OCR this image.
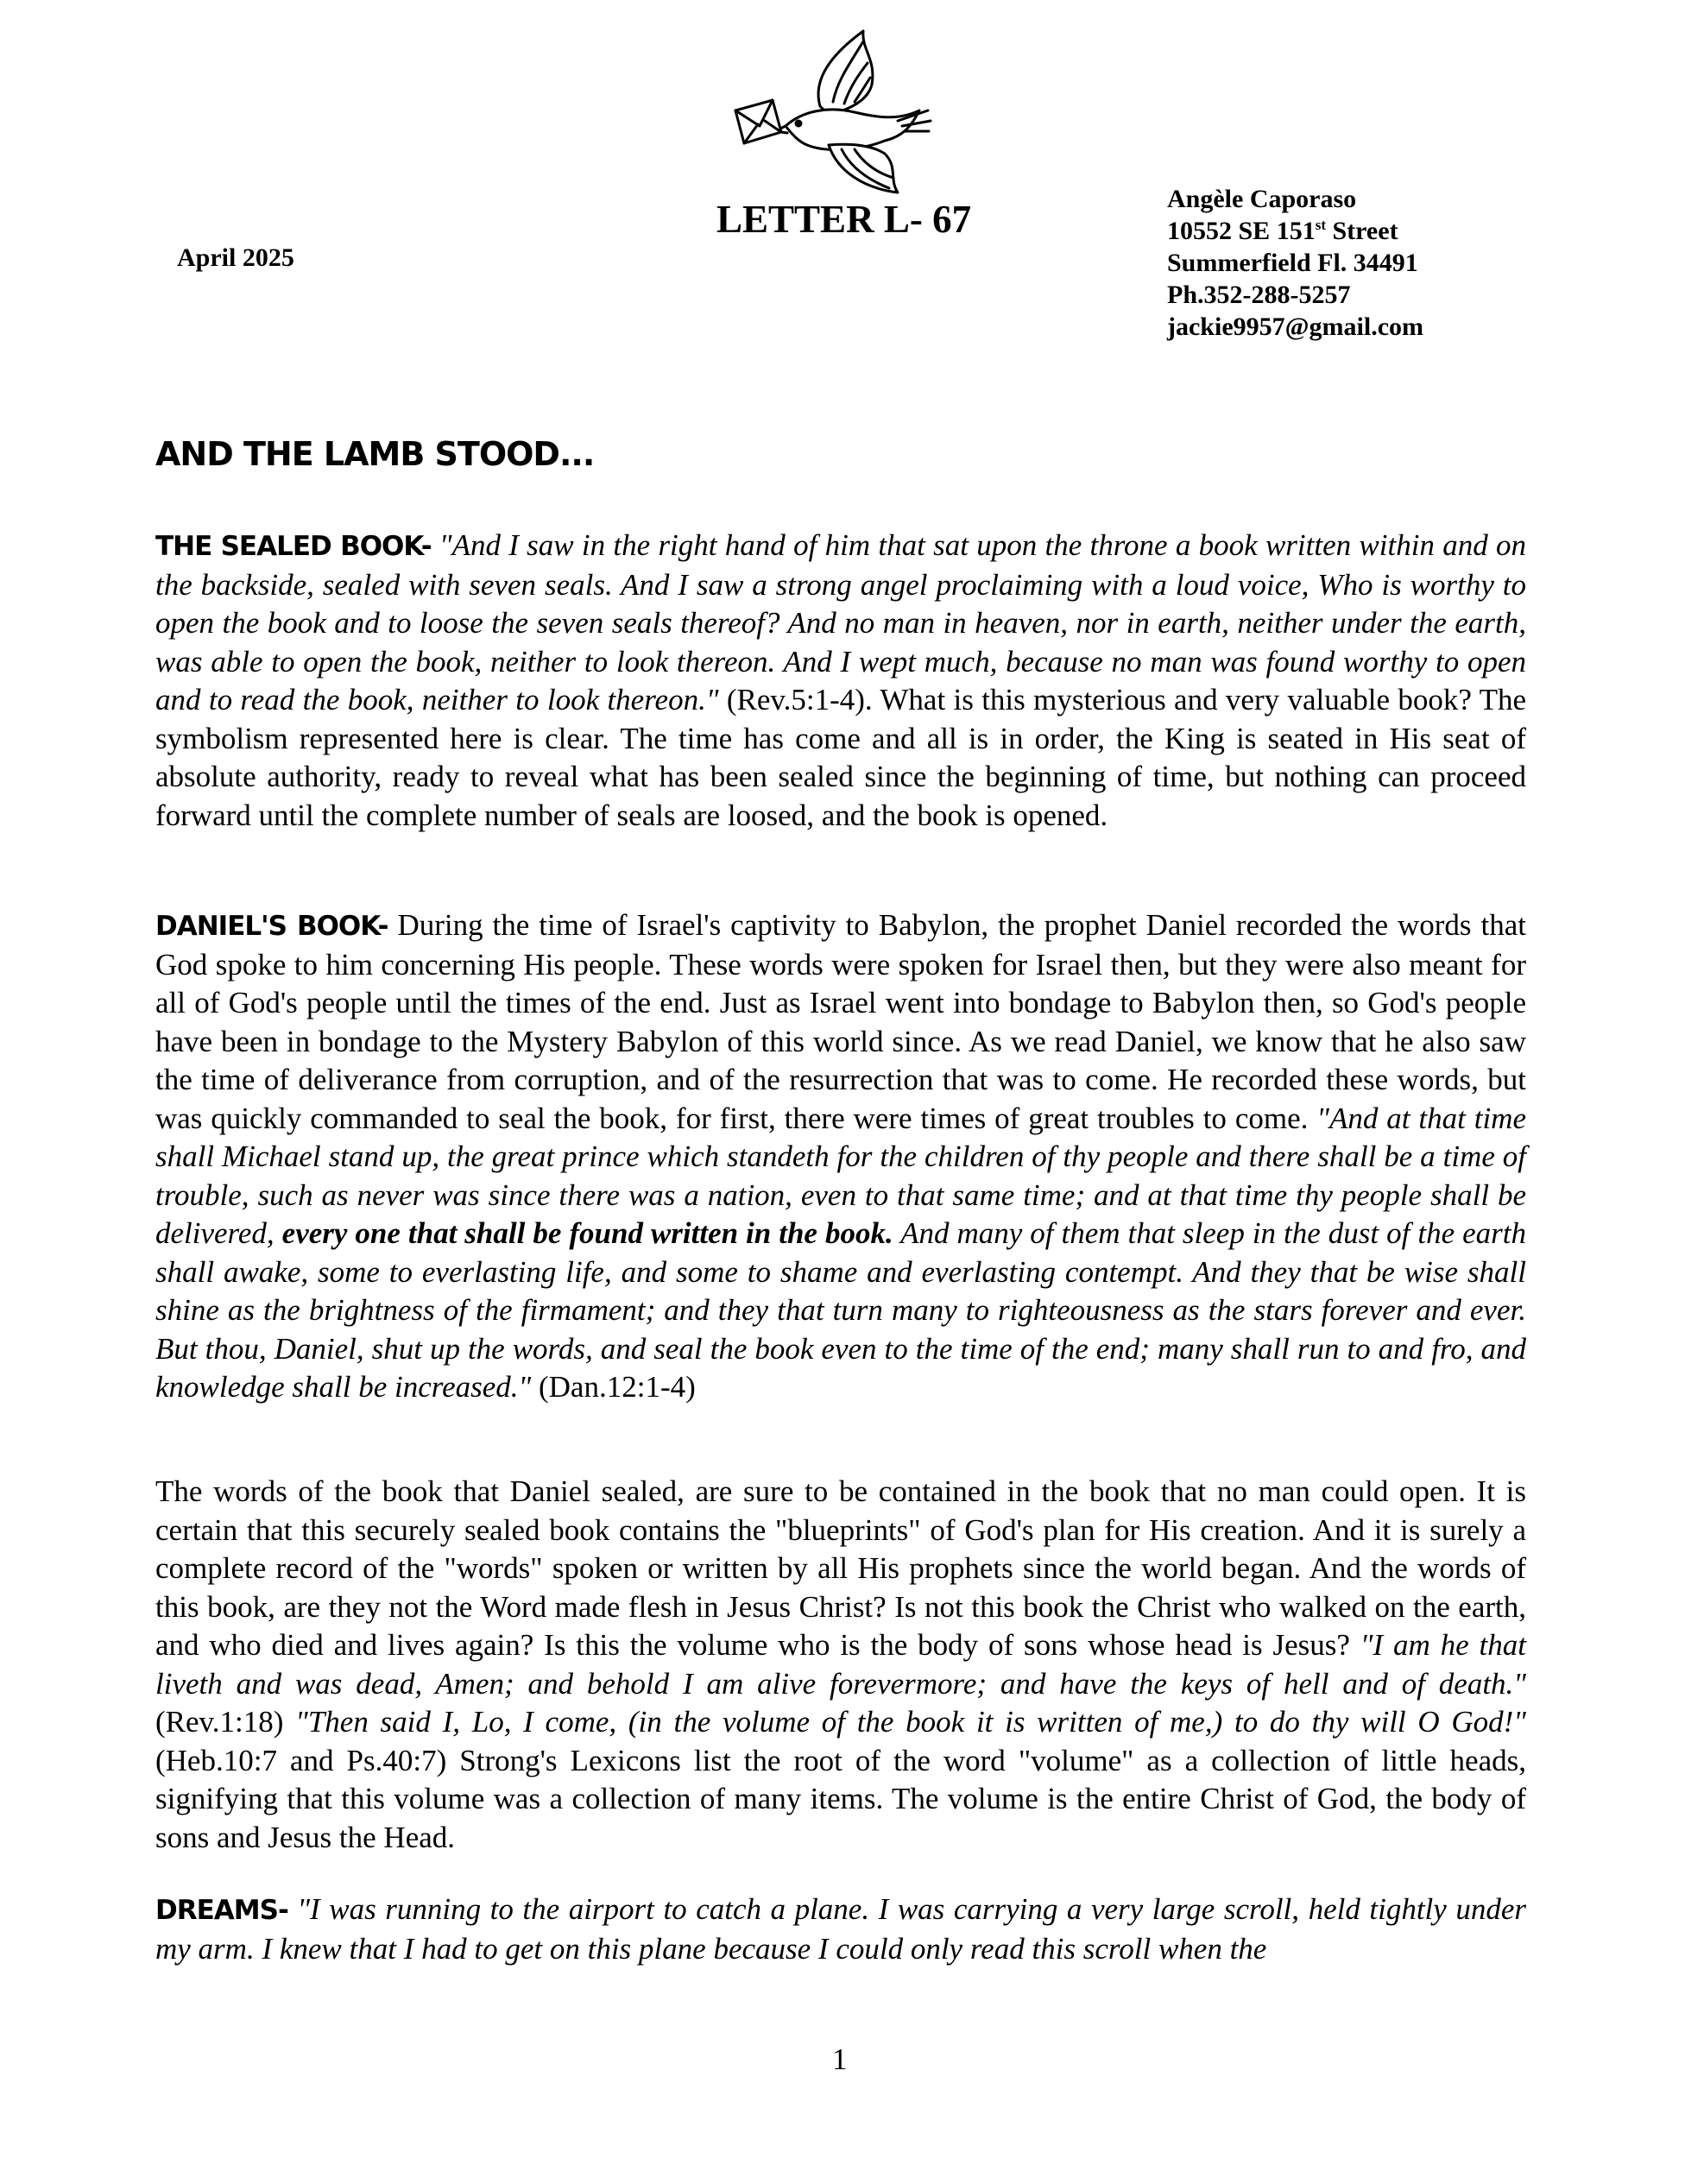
April 2025
LETTER L- 67	Angèle Caporaso
10552 SE 151st Street
Summerfield Fl. 34491
Ph.352-288-5257
jackie9957@gmail.com
AND THE LAMB STOOD...
THE SEALED BOOK- "And I saw in the right hand of him that sat upon the throne a book written within and on the backside, sealed with seven seals. And I saw a strong angel proclaiming with a loud voice, Who is worthy to open the book and to loose the seven seals thereof? And no man in heaven, nor in earth, neither under the earth, was able to open the book, neither to look thereon. And I wept much, because no man was found worthy to open and to read the book, neither to look thereon." (Rev.5:1-4). What is this mysterious and very valuable book? The symbolism represented here is clear. The time has come and all is in order, the King is seated in His seat of absolute authority, ready to reveal what has been sealed since the beginning of time, but nothing can proceed forward until the complete number of seals are loosed, and the book is opened.
DANIEL'S BOOK- During the time of Israel's captivity to Babylon, the prophet Daniel recorded the words that God spoke to him concerning His people. These words were spoken for Israel then, but they were also meant for all of God's people until the times of the end. Just as Israel went into bondage to Babylon then, so God's people have been in bondage to the Mystery Babylon of this world since. As we read Daniel, we know that he also saw the time of deliverance from corruption, and of the resurrection that was to come. He recorded these words, but was quickly commanded to seal the book, for first, there were times of great troubles to come. "And at that time shall Michael stand up, the great prince which standeth for the children of thy people and there shall be a time of trouble, such as never was since there was a nation, even to that same time; and at that time thy people shall be delivered, every one that shall be found written in the book. And many of them that sleep in the dust of the earth shall awake, some to everlasting life, and some to shame and everlasting contempt. And they that be wise shall shine as the brightness of the firmament; and they that turn many to righteousness as the stars forever and ever. But thou, Daniel, shut up the words, and seal the book even to the time of the end; many shall run to and fro, and knowledge shall be increased." (Dan.12:1-4)
The words of the book that Daniel sealed, are sure to be contained in the book that no man could open. It is certain that this securely sealed book contains the "blueprints" of God's plan for His creation. And it is surely a complete record of the "words" spoken or written by all His prophets since the world began. And the words of this book, are they not the Word made flesh in Jesus Christ? Is not this book the Christ who walked on the earth, and who died and lives again? Is this the volume who is the body of sons whose head is Jesus? "I am he that liveth and was dead, Amen; and behold I am alive forevermore; and have the keys of hell and of death." (Rev.1:18) "Then said I, Lo, I come, (in the volume of the book it is written of me,) to do thy will O God!" (Heb.10:7 and Ps.40:7) Strong's Lexicons list the root of the word "volume" as a collection of little heads, signifying that this volume was a collection of many items. The volume is the entire Christ of God, the body of sons and Jesus the Head.
DREAMS- "I was running to the airport to catch a plane. I was carrying a very large scroll, held tightly under my arm. I knew that I had to get on this plane because I could only read this scroll when the
1
